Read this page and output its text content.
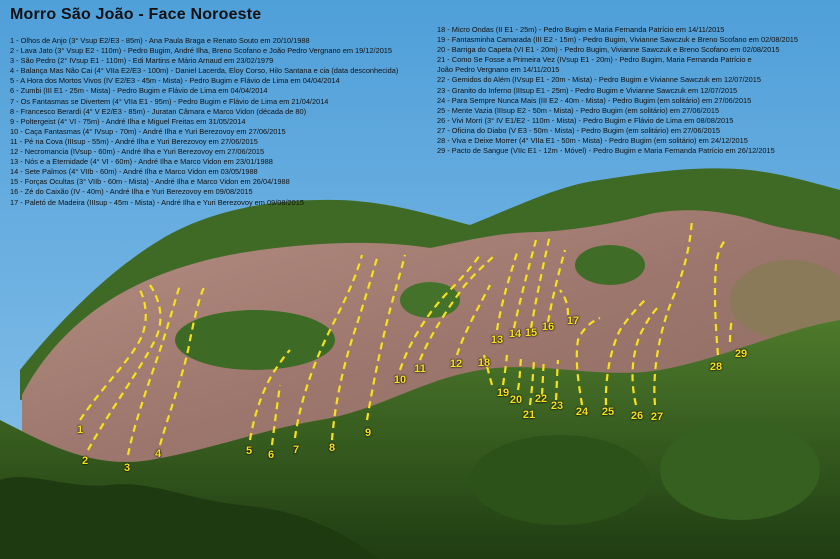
Morro São João - Face Noroeste
1 - Olhos de Anjo (3° Vsup E2/E3 - 85m) - Ana Paula Braga e Renato Souto em 20/10/1988
2 - Lava Jato (3° Vsup E2 - 110m) - Pedro Bugim, André Ilha, Breno Scofano e João Pedro Vergnano em 19/12/2015
3 - São Pedro (2° IVsup E1 - 110m) - Edi Martins e Mário Arnaud em 23/02/1979
4 - Balança Mas Não Cai (4° VIIa E2/E3 - 100m) - Daniel Lacerda, Eloy Corso, Hilo Santana e cia (data desconhecida)
5 - A Hora dos Mortos Vivos (IV E2/E3 - 45m - Mista) - Pedro Bugim e Flávio de Lima em 04/04/2014
6 - Zumbi (III E1 - 25m - Mista) - Pedro Bugim e Flávio de Lima em 04/04/2014
7 - Os Fantasmas se Divertem (4° VIIa E1 - 95m) - Pedro Bugim e Flávio de Lima em 21/04/2014
8 - Francesco Berardi (4° V E2/E3 - 85m) - Juratan Câmara e Marco Vidon (década de 80)
9 - Poltergeist (4° VI - 75m) - André Ilha e Miguel Freitas em 31/05/2014
10 - Caça Fantasmas (4° IVsup - 70m) - André Ilha e Yuri Berezovoy em 27/06/2015
11 - Pé na Cova (IIIsup - 55m) - André Ilha e Yuri Berezovoy em 27/06/2015
12 - Necromancia (IVsup - 60m) - André Ilha e Yuri Berezovoy em 27/06/2015
13 - Nós e a Eternidade (4° VI - 60m) - André Ilha e Marco Vidon em 23/01/1988
14 - Sete Palmos (4° VIIb - 60m) - André Ilha e Marco Vidon em 03/05/1988
15 - Forças Ocultas (3° VIIb - 60m - Mista) - André Ilha e Marco Vidon em 26/04/1988
16 - Zé do Caixão (IV - 40m) - André Ilha e Yuri Berezovoy em 09/08/2015
17 - Paletó de Madeira (IIIsup - 45m - Mista) - André Ilha e Yuri Berezovoy em 09/08/2015
18 - Micro Ondas (II E1 - 25m) - Pedro Bugim e Maria Fernanda Patrício em 14/11/2015
19 - Fantasminha Camarada (III E2 - 15m) - Pedro Bugim, Vivianne Sawczuk e Breno Scofano em 02/08/2015
20 - Barriga do Capeta (VI E1 - 20m) - Pedro Bugim, Vivianne Sawczuk e Breno Scofano em 02/08/2015
21 - Como Se Fosse a Primeira Vez (IVsup E1 - 20m) - Pedro Bugim, Maria Fernanda Patrício e
João Pedro Vergnano em 14/11/2015
22 - Gemidos do Além (IVsup E1 - 20m - Mista) - Pedro Bugim e Vivianne Sawczuk em 12/07/2015
23 - Granito do Inferno (IIIsup E1 - 25m) - Pedro Bugim e Vivianne Sawczuk em 12/07/2015
24 - Para Sempre Nunca Mais (III E2 - 40m - Mista) - Pedro Bugim (em solitário) em 27/06/2015
25 - Mente Vazia (IIIsup E2 - 50m - Mista) - Pedro Bugim (em solitário) em 27/06/2015
26 - Vivi Morri (3° IV E1/E2 - 110m - Mista) - Pedro Bugim e Flávio de Lima em 08/08/2015
27 - Oficina do Diabo (V E3 - 50m - Mista) - Pedro Bugim (em solitário) em 27/06/2015
28 - Viva e Deixe Morrer (4° VIIa E1 - 50m - Mista) - Pedro Bugim (em solitário) em 24/12/2015
29 - Pacto de Sangue (VIIc E1 - 12m - Móvel) - Pedro Bugim e Maria Fernanda Patrício em 26/12/2015
1
2
3
4	5 6 7	8
9
10
11 12
13 14 15 16 17
18
19
20
21
22
23 24 25 26 27
28
29
